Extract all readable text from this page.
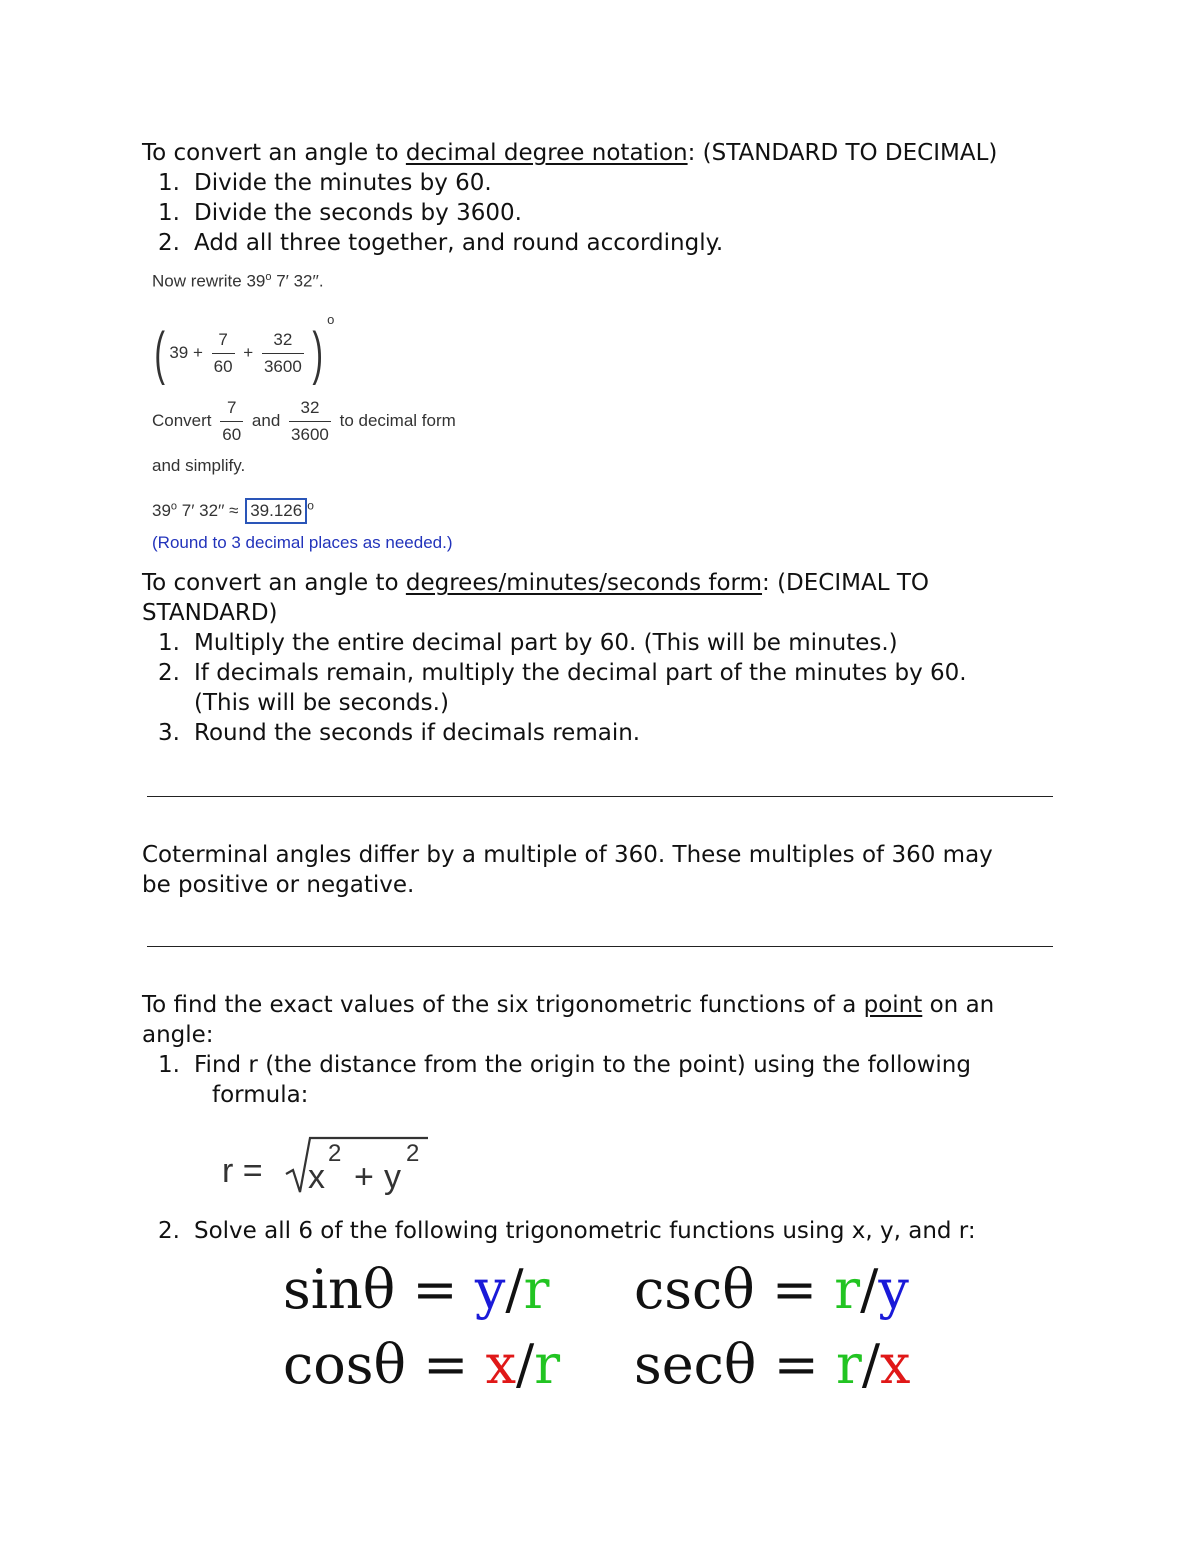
To convert an angle to decimal degree notation: (STANDARD TO DECIMAL)
1. Divide the minutes by 60.
1. Divide the seconds by 3600.
2. Add all three together, and round accordingly.
Now rewrite 39$^o$ 7′ 32′′.
( $39 + \frac{7}{60} + \frac{32}{3600} )^o$
Convert $\frac{7}{60}$ and $\frac{32}{3600}$ to decimal form
and simplify.
39$^o$ 7′ 32′′ ≈ 39.126 $^o$
(Round to 3 decimal places as needed.)
To convert an angle to degrees/minutes/seconds form: (DECIMAL TO
STANDARD)
1. Multiply the entire decimal part by 60. (This will be minutes.)
2. If decimals remain, multiply the decimal part of the minutes by 60.
(This will be seconds.)
3. Round the seconds if decimals remain.
Coterminal angles differ by a multiple of 360. These multiples of 360 may
be positive or negative.
To find the exact values of the six trigonometric functions of a point on an
angle:
1. Find r (the distance from the origin to the point) using the following
formula:
r = x
2
+ y
2
2. Solve all 6 of the following trigonometric functions using x, y, and r:
sinθ = y/r cscθ = r/y
cosθ = x/r secθ = r/x
